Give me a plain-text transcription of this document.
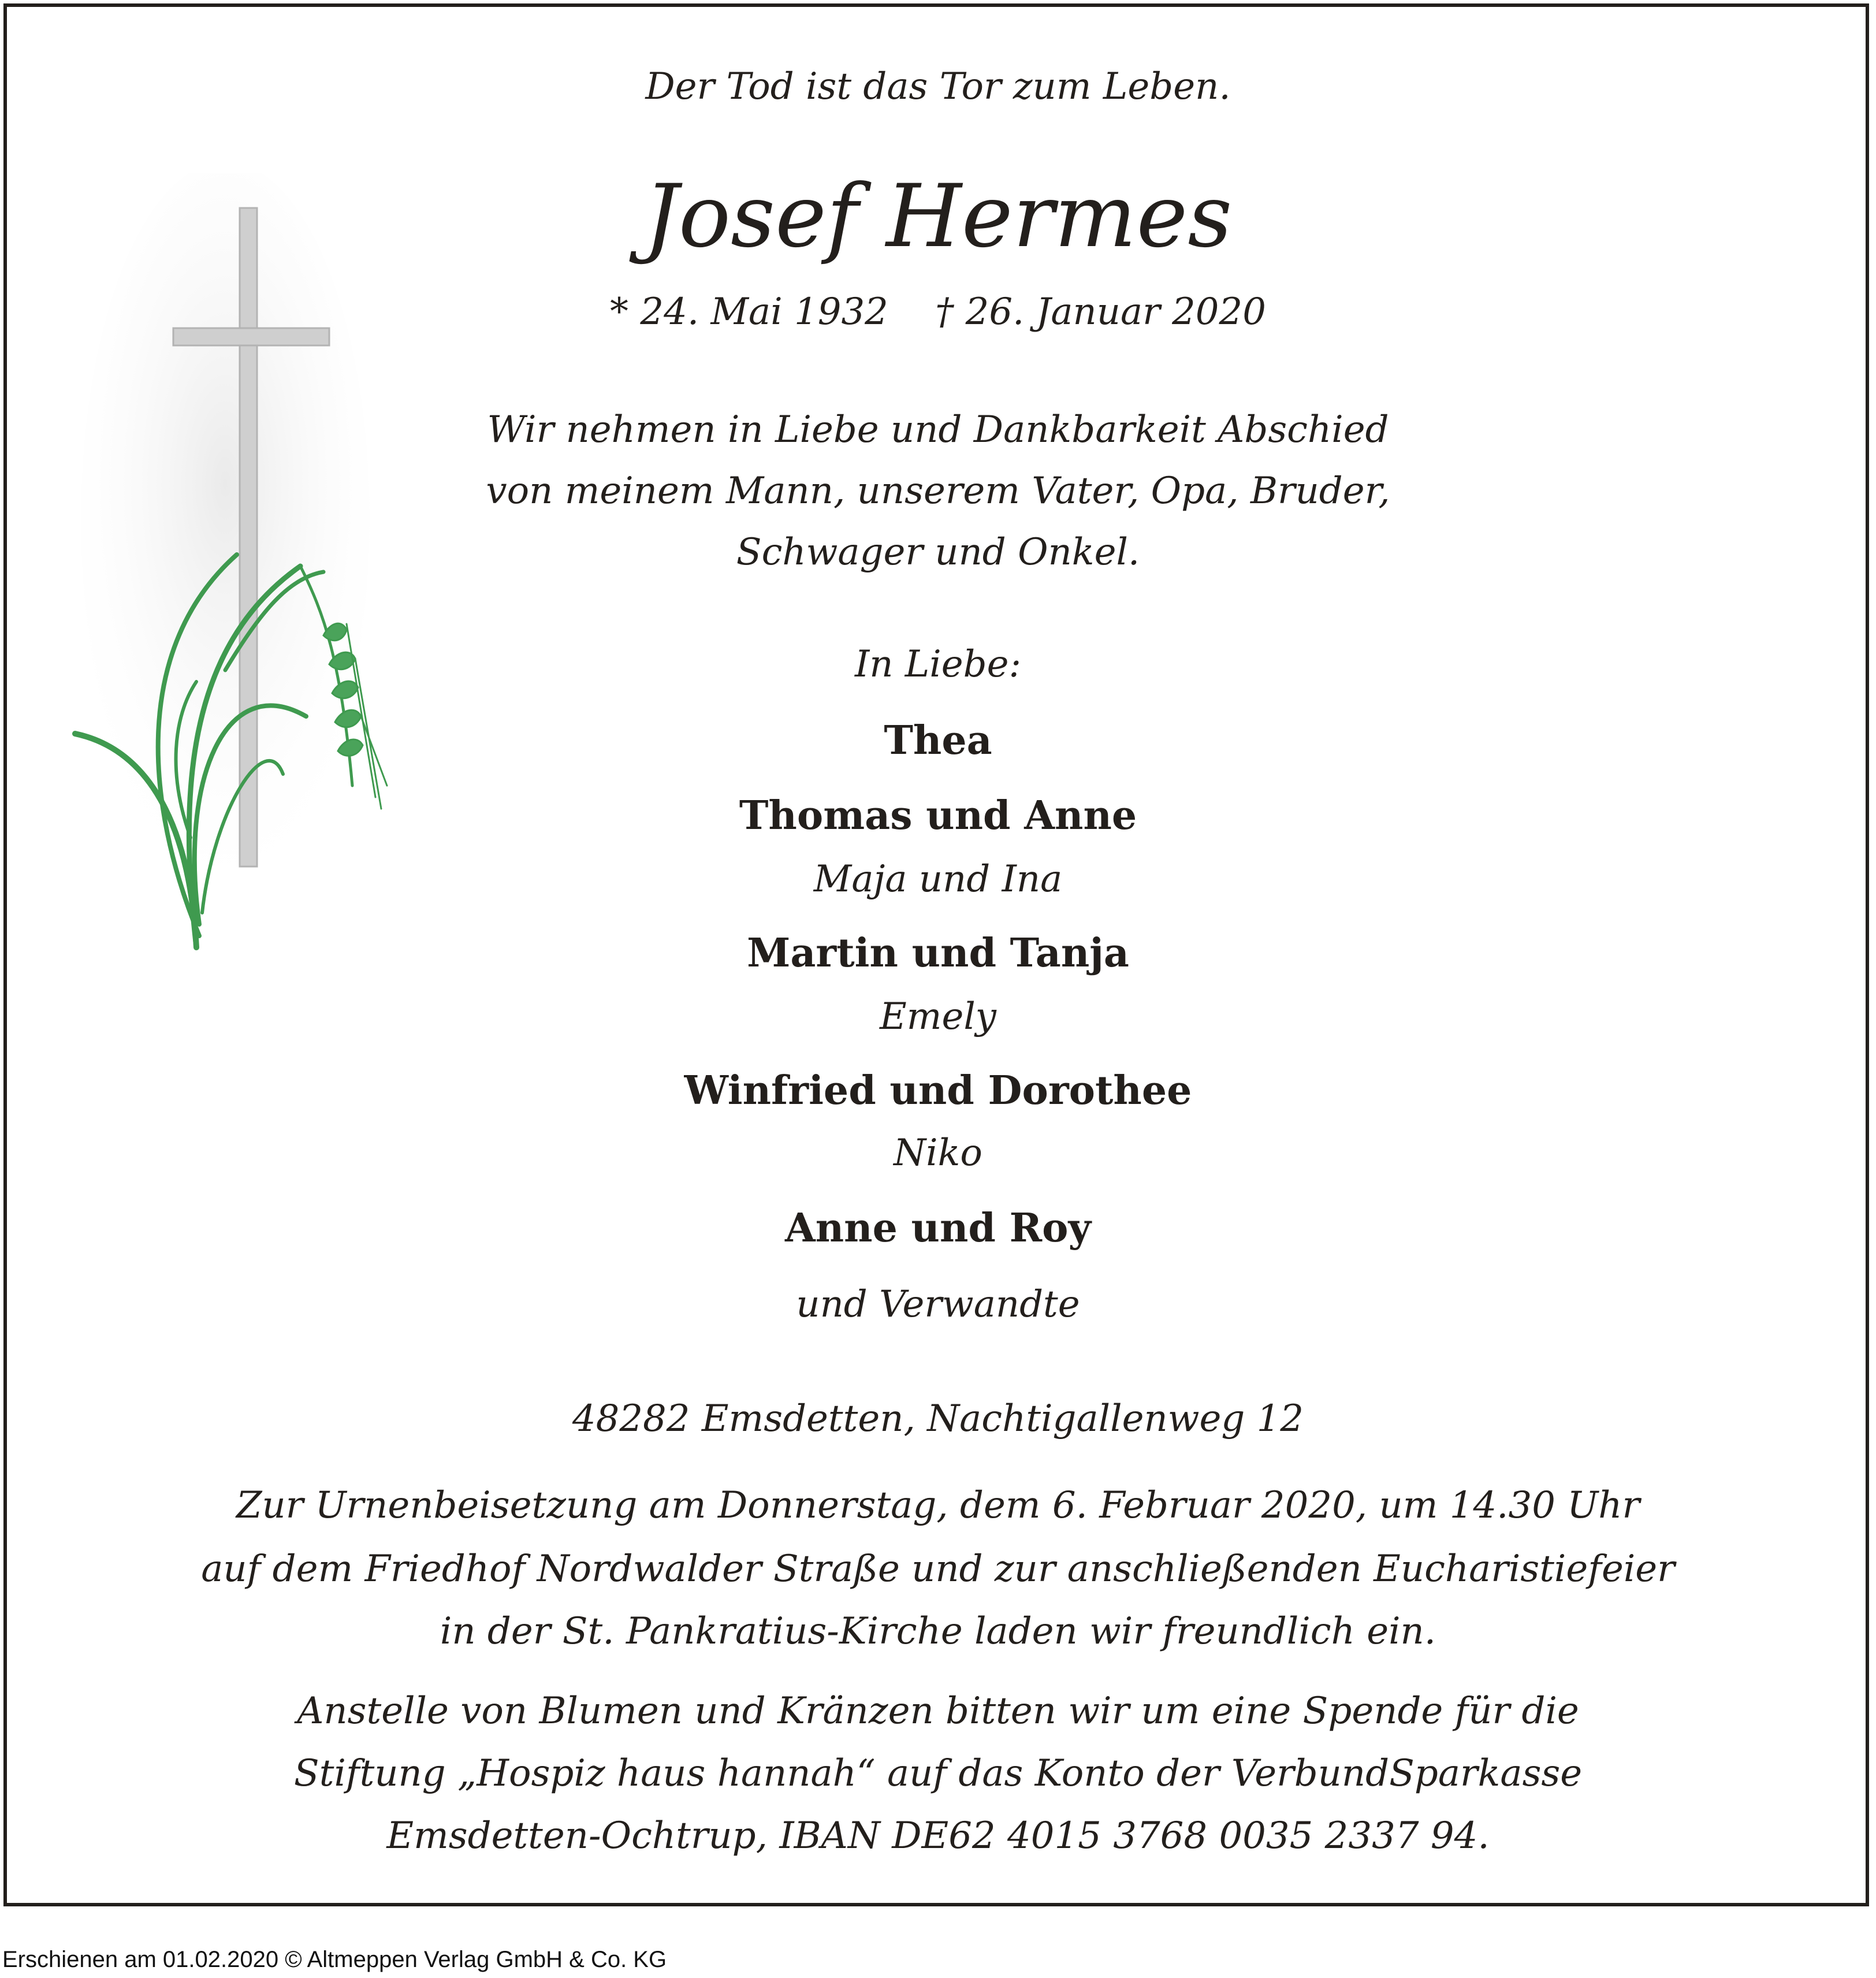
Der Tod ist das Tor zum Leben.
Josef Hermes
* 24. Mai 1932    † 26. Januar 2020
Wir nehmen in Liebe und Dankbarkeit Abschied
von meinem Mann, unserem Vater, Opa, Bruder,
Schwager und Onkel.
In Liebe:
Thea
Thomas und Anne
Maja und Ina
Martin und Tanja
Emely
Winfried und Dorothee
Niko
Anne und Roy
und Verwandte
48282 Emsdetten, Nachtigallenweg 12
Zur Urnenbeisetzung am Donnerstag, dem 6. Februar 2020, um 14.30 Uhr
auf dem Friedhof Nordwalder Straße und zur anschließenden Eucharistiefeier
in der St. Pankratius-Kirche laden wir freundlich ein.
Anstelle von Blumen und Kränzen bitten wir um eine Spende für die
Stiftung „Hospiz haus hannah“ auf das Konto der VerbundSparkasse
Emsdetten-Ochtrup, IBAN DE62 4015 3768 0035 2337 94.
Erschienen am 01.02.2020 © Altmeppen Verlag GmbH & Co. KG
